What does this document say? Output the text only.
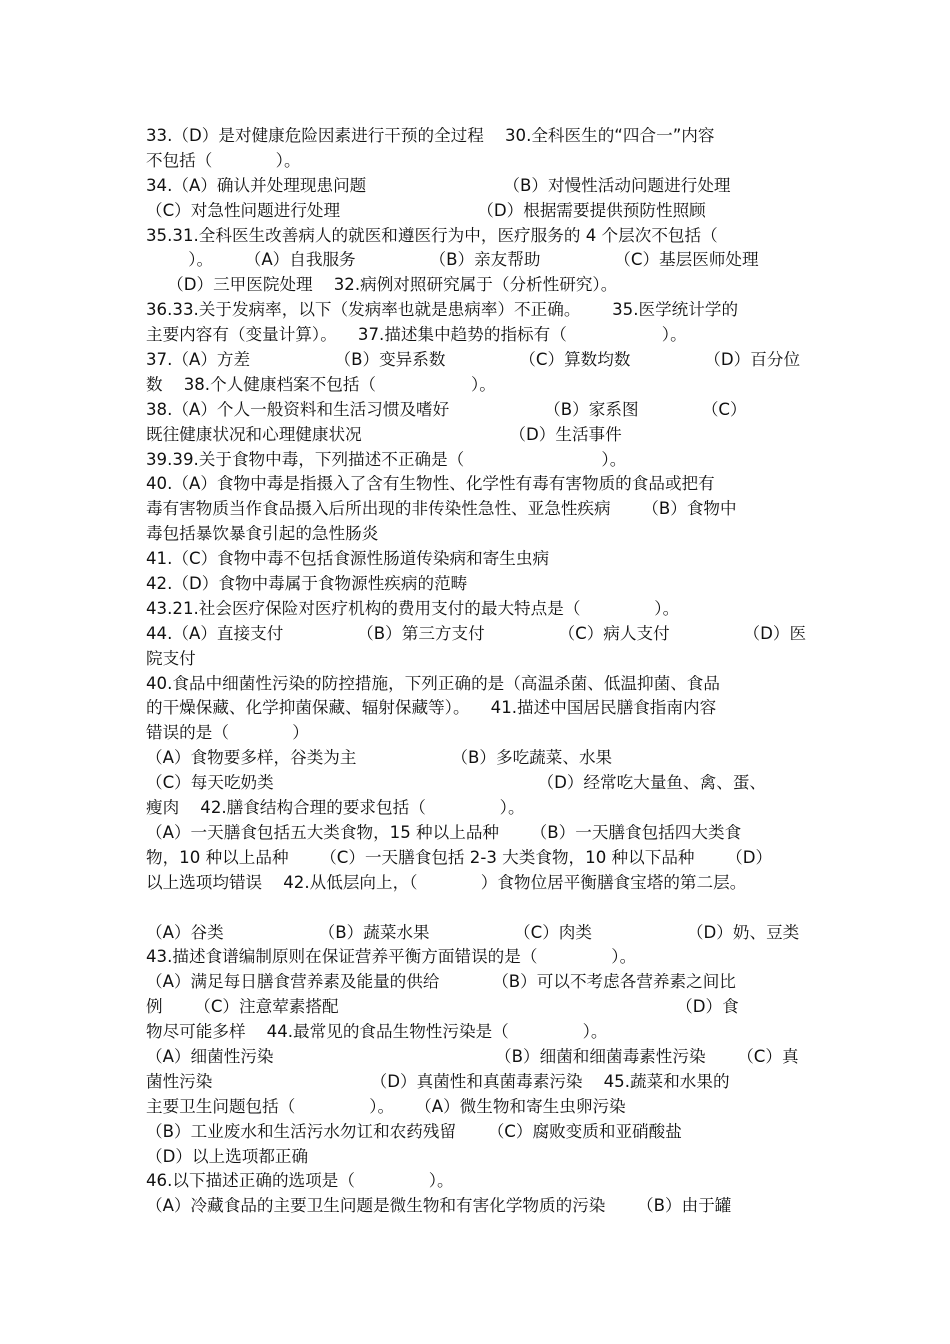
33.（D）是对健康危险因素进行干预的全过程    30.全科医生的“四合一”内容
不包括（            ）。
34.（A）确认并处理现患问题                          （B）对慢性活动问题进行处理
（C）对急性问题进行处理                          （D）根据需要提供预防性照顾
35.31.全科医生改善病人的就医和遵医行为中，医疗服务的 4 个层次不包括（
）。      （A）自我服务              （B）亲友帮助              （C）基层医师处理
（D）三甲医院处理    32.病例对照研究属于（分析性研究）。
36.33.关于发病率，以下（发病率也就是患病率）不正确。      35.医学统计学的
主要内容有（变量计算）。    37.描述集中趋势的指标有（                  ）。
37.（A）方差                （B）变异系数              （C）算数均数              （D）百分位
数    38.个人健康档案不包括（                  ）。
38.（A）个人一般资料和生活习惯及嗜好                  （B）家系图            （C）
既往健康状况和心理健康状况                            （D）生活事件
39.39.关于食物中毒，下列描述不正确是（                          ）。
40.（A）食物中毒是指摄入了含有生物性、化学性有毒有害物质的食品或把有
毒有害物质当作食品摄入后所出现的非传染性急性、亚急性疾病      （B）食物中
毒包括暴饮暴食引起的急性肠炎
41.（C）食物中毒不包括食源性肠道传染病和寄生虫病
42.（D）食物中毒属于食物源性疾病的范畴
43.21.社会医疗保险对医疗机构的费用支付的最大特点是（              ）。
44.（A）直接支付              （B）第三方支付              （C）病人支付              （D）医
院支付
40.食品中细菌性污染的防控措施，下列正确的是（高温杀菌、低温抑菌、食品
的干燥保藏、化学抑菌保藏、辐射保藏等）。    41.描述中国居民膳食指南内容
错误的是（            ）
（A）食物要多样，谷类为主                  （B）多吃蔬菜、水果
（C）每天吃奶类                                                  （D）经常吃大量鱼、禽、蛋、
瘦肉    42.膳食结构合理的要求包括（              ）。
（A）一天膳食包括五大类食物，15 种以上品种      （B）一天膳食包括四大类食
物，10 种以上品种      （C）一天膳食包括 2-3 大类食物，10 种以下品种      （D）
以上选项均错误    42.从低层向上，（            ）食物位居平衡膳食宝塔的第二层。
（A）谷类                  （B）蔬菜水果                （C）肉类                  （D）奶、豆类
43.描述食谱编制原则在保证营养平衡方面错误的是（              ）。
（A）满足每日膳食营养素及能量的供给          （B）可以不考虑各营养素之间比
例      （C）注意荤素搭配                                                                （D）食
物尽可能多样    44.最常见的食品生物性污染是（              ）。
（A）细菌性污染                                          （B）细菌和细菌毒素性污染      （C）真
菌性污染                              （D）真菌性和真菌毒素污染    45.蔬菜和水果的
主要卫生问题包括（              ）。    （A）微生物和寄生虫卵污染
（B）工业废水和生活污水勿讧和农药残留      （C）腐败变质和亚硝酸盐
（D）以上选项都正确
46.以下描述正确的选项是（              ）。
（A）冷藏食品的主要卫生问题是微生物和有害化学物质的污染      （B）由于罐
